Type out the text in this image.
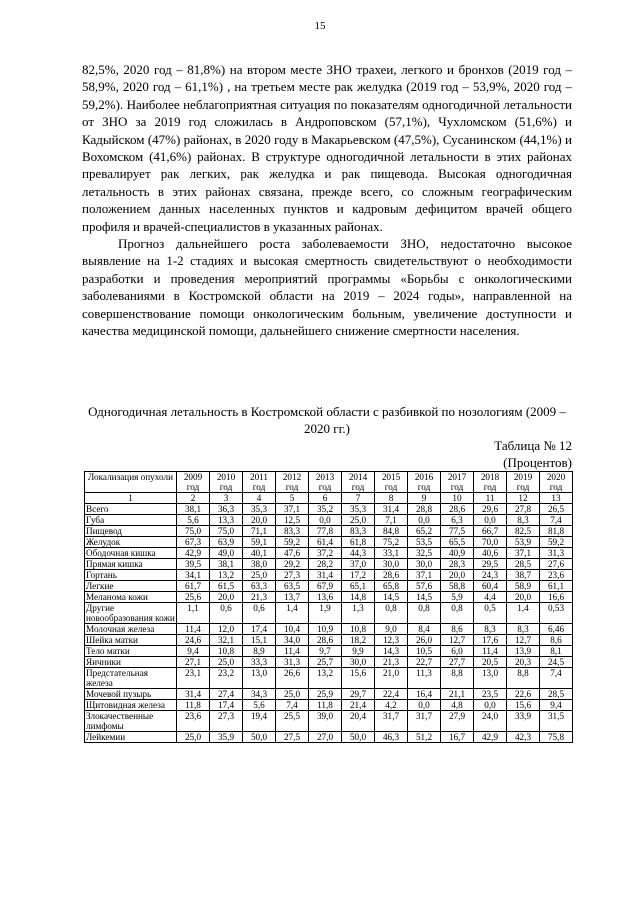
15

82,5%, 2020 год – 81,8%) на втором месте ЗНО трахеи, легкого и бронхов (2019 год – 58,9%, 2020 год – 61,1%) , на третьем месте рак желудка (2019 год – 53,9%, 2020 год – 59,2%). Наиболее неблагоприятная ситуация по показателям одногодичной летальности от ЗНО за 2019 год сложилась в Андроповском (57,1%), Чухломском (51,6%) и Кадыйском (47%) районах, в 2020 году в Макарьевском (47,5%), Сусанинском (44,1%) и Вохомском (41,6%) районах. В структуре одногодичной летальности в этих районах превалирует рак легких, рак желудка и рак пищевода. Высокая одногодичная летальность в этих районах связана, прежде всего, со сложным географическим положением данных населенных пунктов и кадровым дефицитом врачей общего профиля и врачей-специалистов в указанных районах.

Прогноз дальнейшего роста заболеваемости ЗНО, недостаточно высокое выявление на 1-2 стадиях и высокая смертность свидетельствуют о необходимости разработки и проведения мероприятий программы «Борьбы с онкологическими заболеваниями в Костромской области на 2019 – 2024 годы», направленной на совершенствование помощи онкологическим больным, увеличение доступности и качества медицинской помощи, дальнейшего снижение смертности населения.

Одногодичная летальность в Костромской области с разбивкой по нозологиям (2009 – 2020 гг.)
Таблица № 12
(Процентов)
Локализация опухоли	2009 год	2010 год	2011 год	2012 год	2013 год	2014 год	2015 год	2016 год	2017 год	2018 год	2019 год	2020 год
1	2	3	4	5	6	7	8	9	10	11	12	13
Всего	38,1	36,3	35,3	37,1	35,2	35,3	31,4	28,8	28,6	29,6	27,8	26,5
Губа	5,6	13,3	20,0	12,5	0,0	25,0	7,1	0,0	6,3	0,0	8,3	7,4
Пищевод	75,0	75,0	71,1	83,3	77,8	83,3	84,8	65,2	77,5	66,7	82,5	81,8
Желудок	67,3	63,9	59,1	59,2	61,4	61,8	75,2	53,5	65,5	70,0	53,9	59,2
Ободочная кишка	42,9	49,0	40,1	47,6	37,2	44,3	33,1	32,5	40,9	40,6	37,1	31,3
Прямая кишка	39,5	38,1	38,0	29,2	28,2	37,0	30,0	30,0	28,3	29,5	28,5	27,6
Гортань	34,1	13,2	25,0	27,3	31,4	17,2	28,6	37,1	20,0	24,3	38,7	23,6
Легкие	61,7	61,5	63,3	63,5	67,9	65,1	65,8	57,6	58,8	60,4	58,9	61,1
Меланома кожи	25,6	20,0	21,3	13,7	13,6	14,8	14,5	14,5	5,9	4,4	20,0	16,6
Другие новообразования кожи	1,1	0,6	0,6	1,4	1,9	1,3	0,8	0,8	0,8	0,5	1,4	0,53
Молочная железа	11,4	12,0	17,4	10,4	10,9	10,8	9,0	8,4	8,6	8,3	8,3	6,46
Шейка матки	24,6	32,1	15,1	34,0	28,6	18,2	12,3	26,0	12,7	17,6	12,7	8,6
Тело матки	9,4	10,8	8,9	11,4	9,7	9,9	14,3	10,5	6,0	11,4	13,9	8,1
Яичники	27,1	25,0	33,3	31,3	25,7	30,0	21,3	22,7	27,7	20,5	20,3	24,5
Предстательная железа	23,1	23,2	13,0	26,6	13,2	15,6	21,0	11,3	8,8	13,0	8,8	7,4
Мочевой пузырь	31,4	27,4	34,3	25,0	25,9	29,7	22,4	16,4	21,1	23,5	22,6	28,5
Щитовидная железа	11,8	17,4	5,6	7,4	11,8	21,4	4,2	0,0	4,8	0,0	15,6	9,4
Злокачественные лимфомы	23,6	27,3	19,4	25,5	39,0	20,4	31,7	31,7	27,9	24,0	33,9	31,5
Лейкемии	25,0	35,9	50,0	27,5	27,0	50,0	46,3	51,2	16,7	42,9	42,3	75,8
